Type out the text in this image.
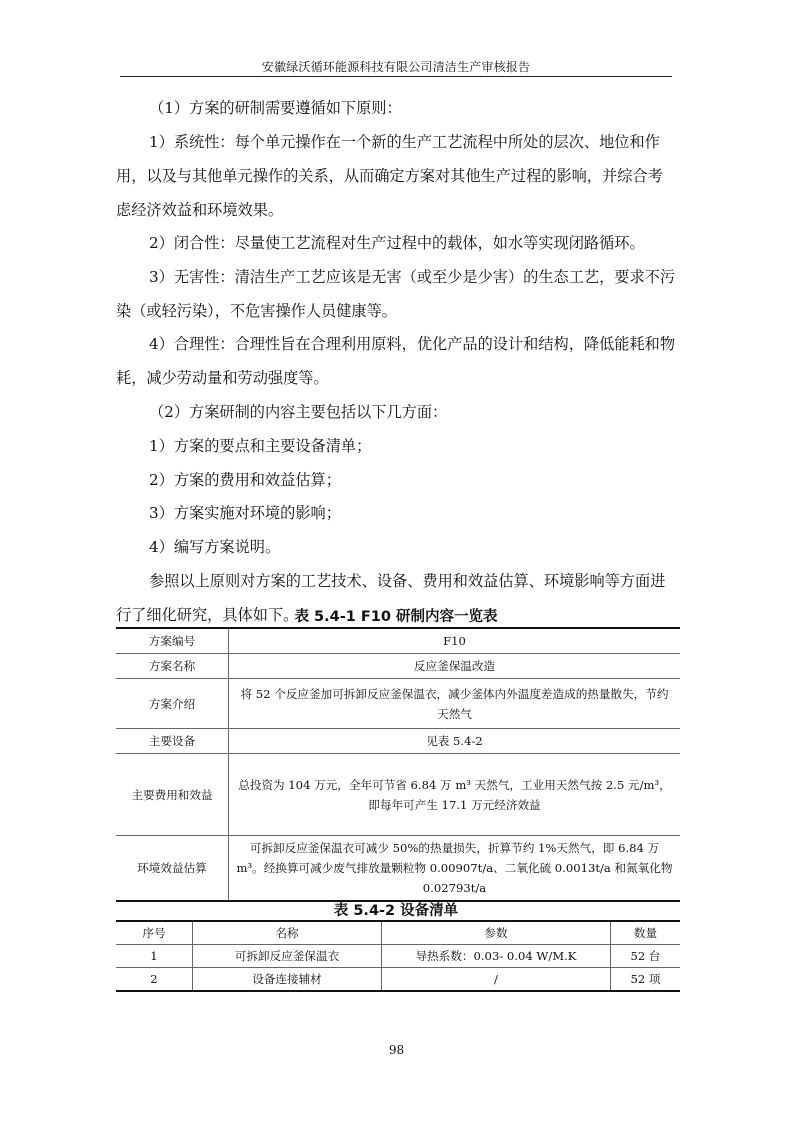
安徽绿沃循环能源科技有限公司清洁生产审核报告

（1）方案的研制需要遵循如下原则：

1）系统性：每个单元操作在一个新的生产工艺流程中所处的层次、地位和作用，以及与其他单元操作的关系，从而确定方案对其他生产过程的影响，并综合考虑经济效益和环境效果。

2）闭合性：尽量使工艺流程对生产过程中的载体，如水等实现闭路循环。

3）无害性：清洁生产工艺应该是无害（或至少是少害）的生态工艺，要求不污染（或轻污染），不危害操作人员健康等。

4）合理性：合理性旨在合理利用原料，优化产品的设计和结构，降低能耗和物耗，减少劳动量和劳动强度等。

（2）方案研制的内容主要包括以下几方面：

1）方案的要点和主要设备清单；

2）方案的费用和效益估算；

3）方案实施对环境的影响；

4）编写方案说明。

参照以上原则对方案的工艺技术、设备、费用和效益估算、环境影响等方面进行了细化研究，具体如下。

表 5.4-1 F10 研制内容一览表
方案编号	F10
方案名称	反应釜保温改造
方案介绍	将 52 个反应釜加可拆卸反应釜保温衣，减少釜体内外温度差造成的热量散失，节约天然气
主要设备	见表 5.4-2
主要费用和效益	总投资为 104 万元，全年可节省 6.84 万 m³ 天然气，工业用天然气按 2.5 元/m³，即每年可产生 17.1 万元经济效益
环境效益估算	可拆卸反应釜保温衣可减少 50%的热量损失，折算节约 1%天然气，即 6.84 万 m³。经换算可减少废气排放量颗粒物 0.00907t/a、二氧化硫 0.0013t/a 和氮氧化物 0.02793t/a
表 5.4-2 设备清单
序号	名称	参数	数量
1	可拆卸反应釜保温衣	导热系数：0.03- 0.04 W/M.K	52 台
2	设备连接辅材	/	52 项
98
